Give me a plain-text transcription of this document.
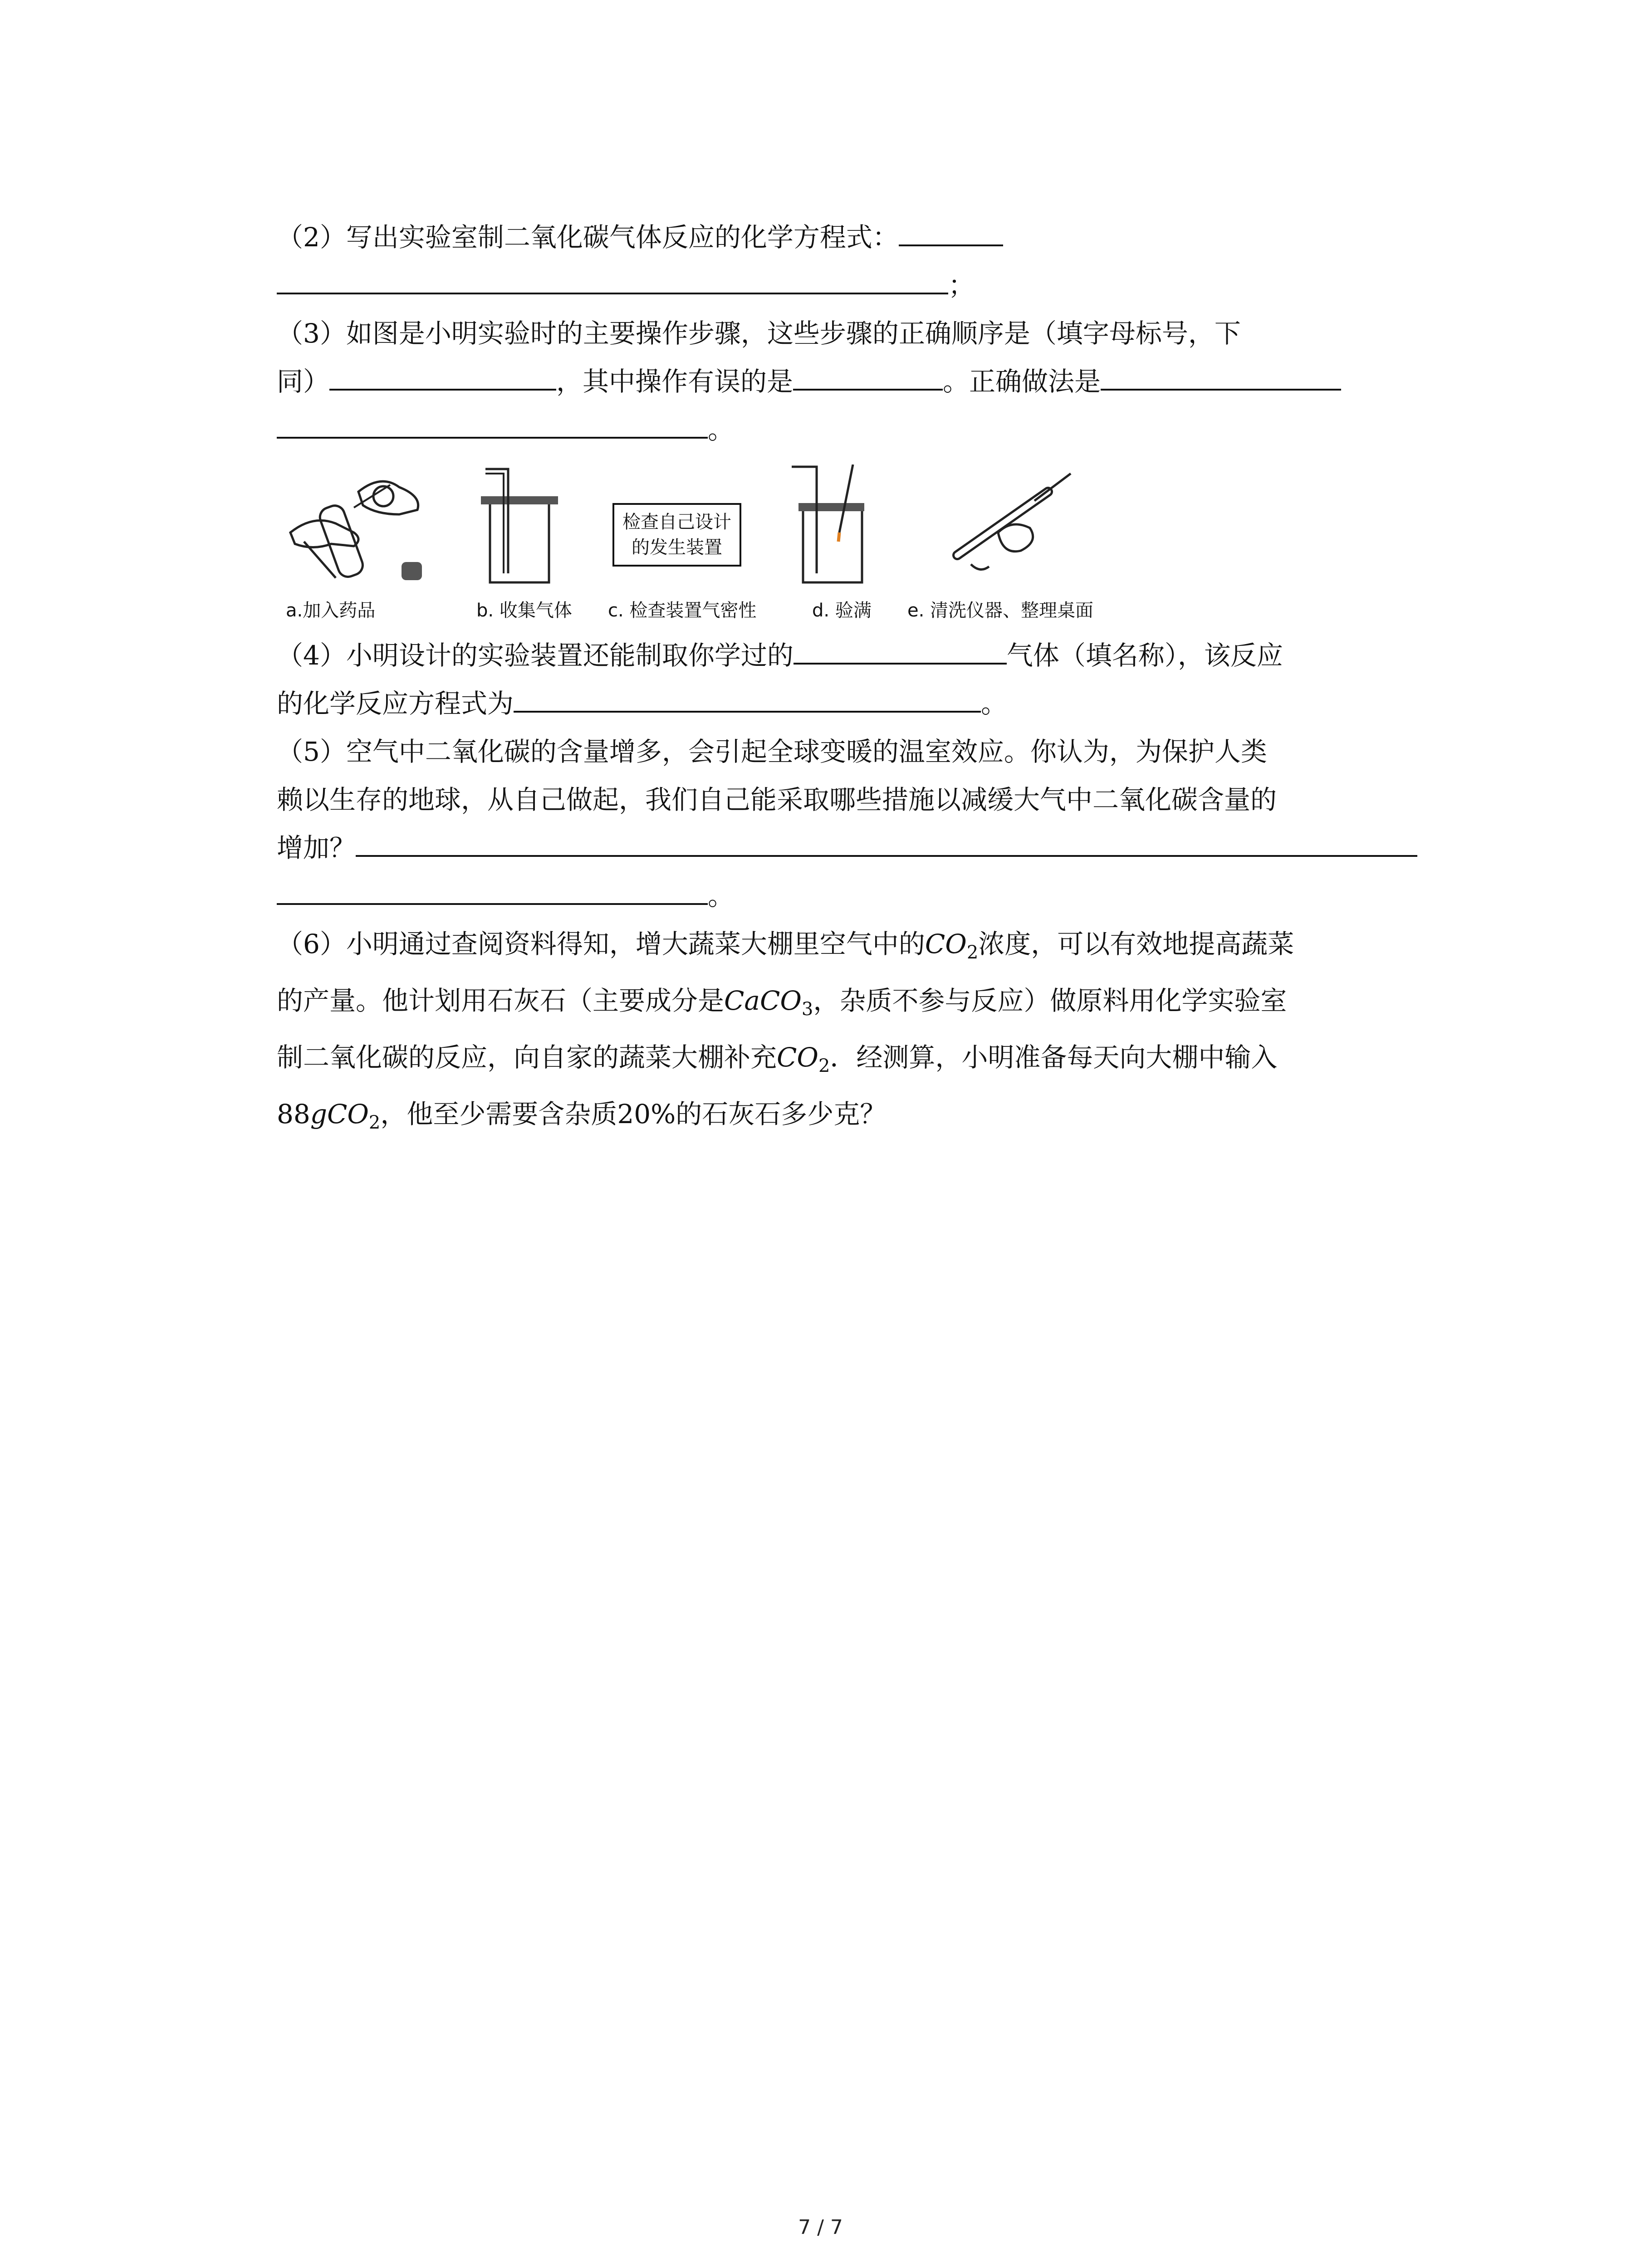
（2）写出实验室制二氧化碳气体反应的化学方程式：
；
（3）如图是小明实验时的主要操作步骤，这些步骤的正确顺序是（填字母标号，下
同）	，其中操作有误的是	。正确做法是
。
检查自己设计
的发生装置
a.加入药品	b. 收集气体 c. 检查装置气密性	d. 验满 e. 清洗仪器、整理桌面
（4）小明设计的实验装置还能制取你学过的	气体（填名称），该反应
的化学反应方程式为	。
（5）空气中二氧化碳的含量增多，会引起全球变暖的温室效应。你认为，为保护人类
赖以生存的地球，从自己做起，我们自己能采取哪些措施以减缓大气中二氧化碳含量的
增加？
。
（6）小明通过查阅资料得知，增大蔬菜大棚里空气中的$CO_2$浓度，可以有效地提高蔬菜
的产量。他计划用石灰石（主要成分是CaCO$_3$，杂质不参与反应）做原料用化学实验室
制二氧化碳的反应，向自家的蔬菜大棚补充$CO_2$．经测算，小明准备每天向大棚中输入
88gCO$_2$，他至少需要含杂质20%的石灰石多少克？
7 / 7
